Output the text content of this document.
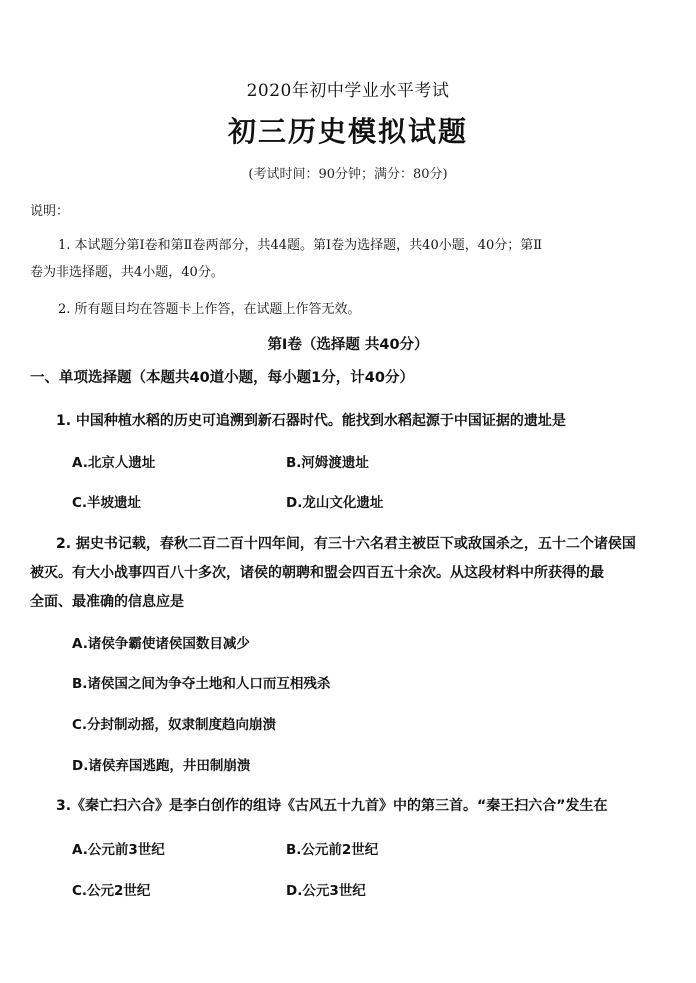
2020年初中学业水平考试
初三历史模拟试题
(考试时间：90分钟；满分：80分)
说明：
1. 本试题分第Ⅰ卷和第Ⅱ卷两部分，共44题。第Ⅰ卷为选择题，共40小题，40分；第Ⅱ
卷为非选择题，共4小题，40分。
2. 所有题目均在答题卡上作答，在试题上作答无效。
第Ⅰ卷（选择题 共40分）
一、单项选择题（本题共40道小题，每小题1分，计40分）
1. 中国种植水稻的历史可追溯到新石器时代。能找到水稻起源于中国证据的遗址是
A.北京人遗址	B.河姆渡遗址
C.半坡遗址	D.龙山文化遗址
2. 据史书记载，春秋二百二百十四年间，有三十六名君主被臣下或敌国杀之，五十二个诸侯国
被灭。有大小战事四百八十多次，诸侯的朝聘和盟会四百五十余次。从这段材料中所获得的最
全面、最准确的信息应是
A.诸侯争霸使诸侯国数目减少
B.诸侯国之间为争夺土地和人口而互相残杀
C.分封制动摇，奴隶制度趋向崩溃
D.诸侯弃国逃跑，井田制崩溃
3.《秦亡扫六合》是李白创作的组诗《古风五十九首》中的第三首。“秦王扫六合”发生在
A.公元前3世纪	B.公元前2世纪
C.公元2世纪	D.公元3世纪
